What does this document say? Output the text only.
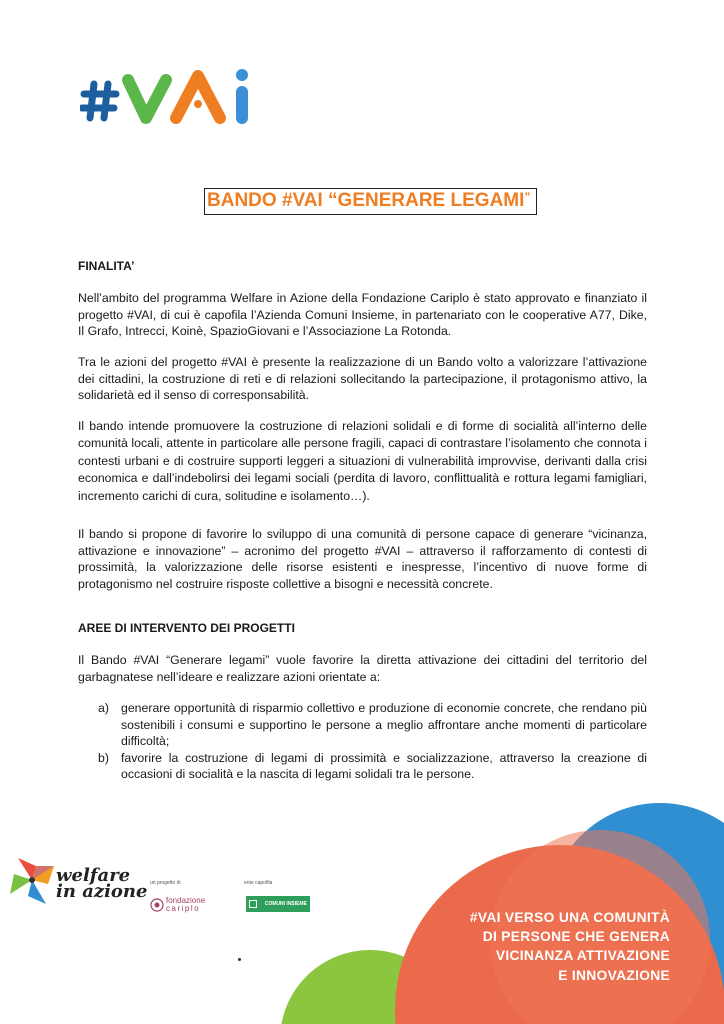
BANDO #VAI “GENERARE LEGAMI”
FINALITA’

Nell’ambito del programma Welfare in Azione della Fondazione Cariplo è stato approvato e finanziato il progetto #VAI, di cui è capofila l’Azienda Comuni Insieme, in partenariato con le cooperative A77, Dike, Il Grafo, Intrecci, Koinè, SpazioGiovani e l’Associazione La Rotonda.

Tra le azioni del progetto #VAI è presente la realizzazione di un Bando volto a valorizzare l’attivazione dei cittadini, la costruzione di reti e di relazioni sollecitando la partecipazione, il protagonismo attivo, la solidarietà ed il senso di corresponsabilità.

Il bando intende promuovere la costruzione di relazioni solidali e di forme di socialità all’interno delle comunità locali, attente in particolare alle persone fragili, capaci di contrastare l’isolamento che connota i contesti urbani e di costruire supporti leggeri a situazioni di vulnerabilità improvvise, derivanti dalla crisi economica e dall’indebolirsi dei legami sociali (perdita di lavoro, conflittualità e rottura legami famigliari, incremento carichi di cura, solitudine e isolamento…).

Il bando si propone di favorire lo sviluppo di una comunità di persone capace di generare “vicinanza, attivazione e innovazione” – acronimo del progetto #VAI – attraverso il rafforzamento di contesti di prossimità, la valorizzazione delle risorse esistenti e inespresse, l’incentivo di nuove forme di protagonismo nel costruire risposte collettive a bisogni e necessità concrete.

AREE DI INTERVENTO DEI PROGETTI

Il Bando #VAI “Generare legami” vuole favorire la diretta attivazione dei cittadini del territorio del garbagnatese nell’ideare e realizzare azioni orientate a:

a) generare opportunità di risparmio collettivo e produzione di economie concrete, che rendano più sostenibili i consumi e supportino le persone a meglio affrontare anche momenti di particolare difficoltà;
b) favorire la costruzione di legami di prossimità e socializzazione, attraverso la creazione di occasioni di socialità e la nascita di legami solidali tra le persone.
welfare
in azione un progetto di
fondazione
cariplo
ente capofila
COMUNI INSIEME
#VAI VERSO UNA COMUNITÀ
DI PERSONE CHE GENERA
VICINANZA ATTIVAZIONE
E INNOVAZIONE
